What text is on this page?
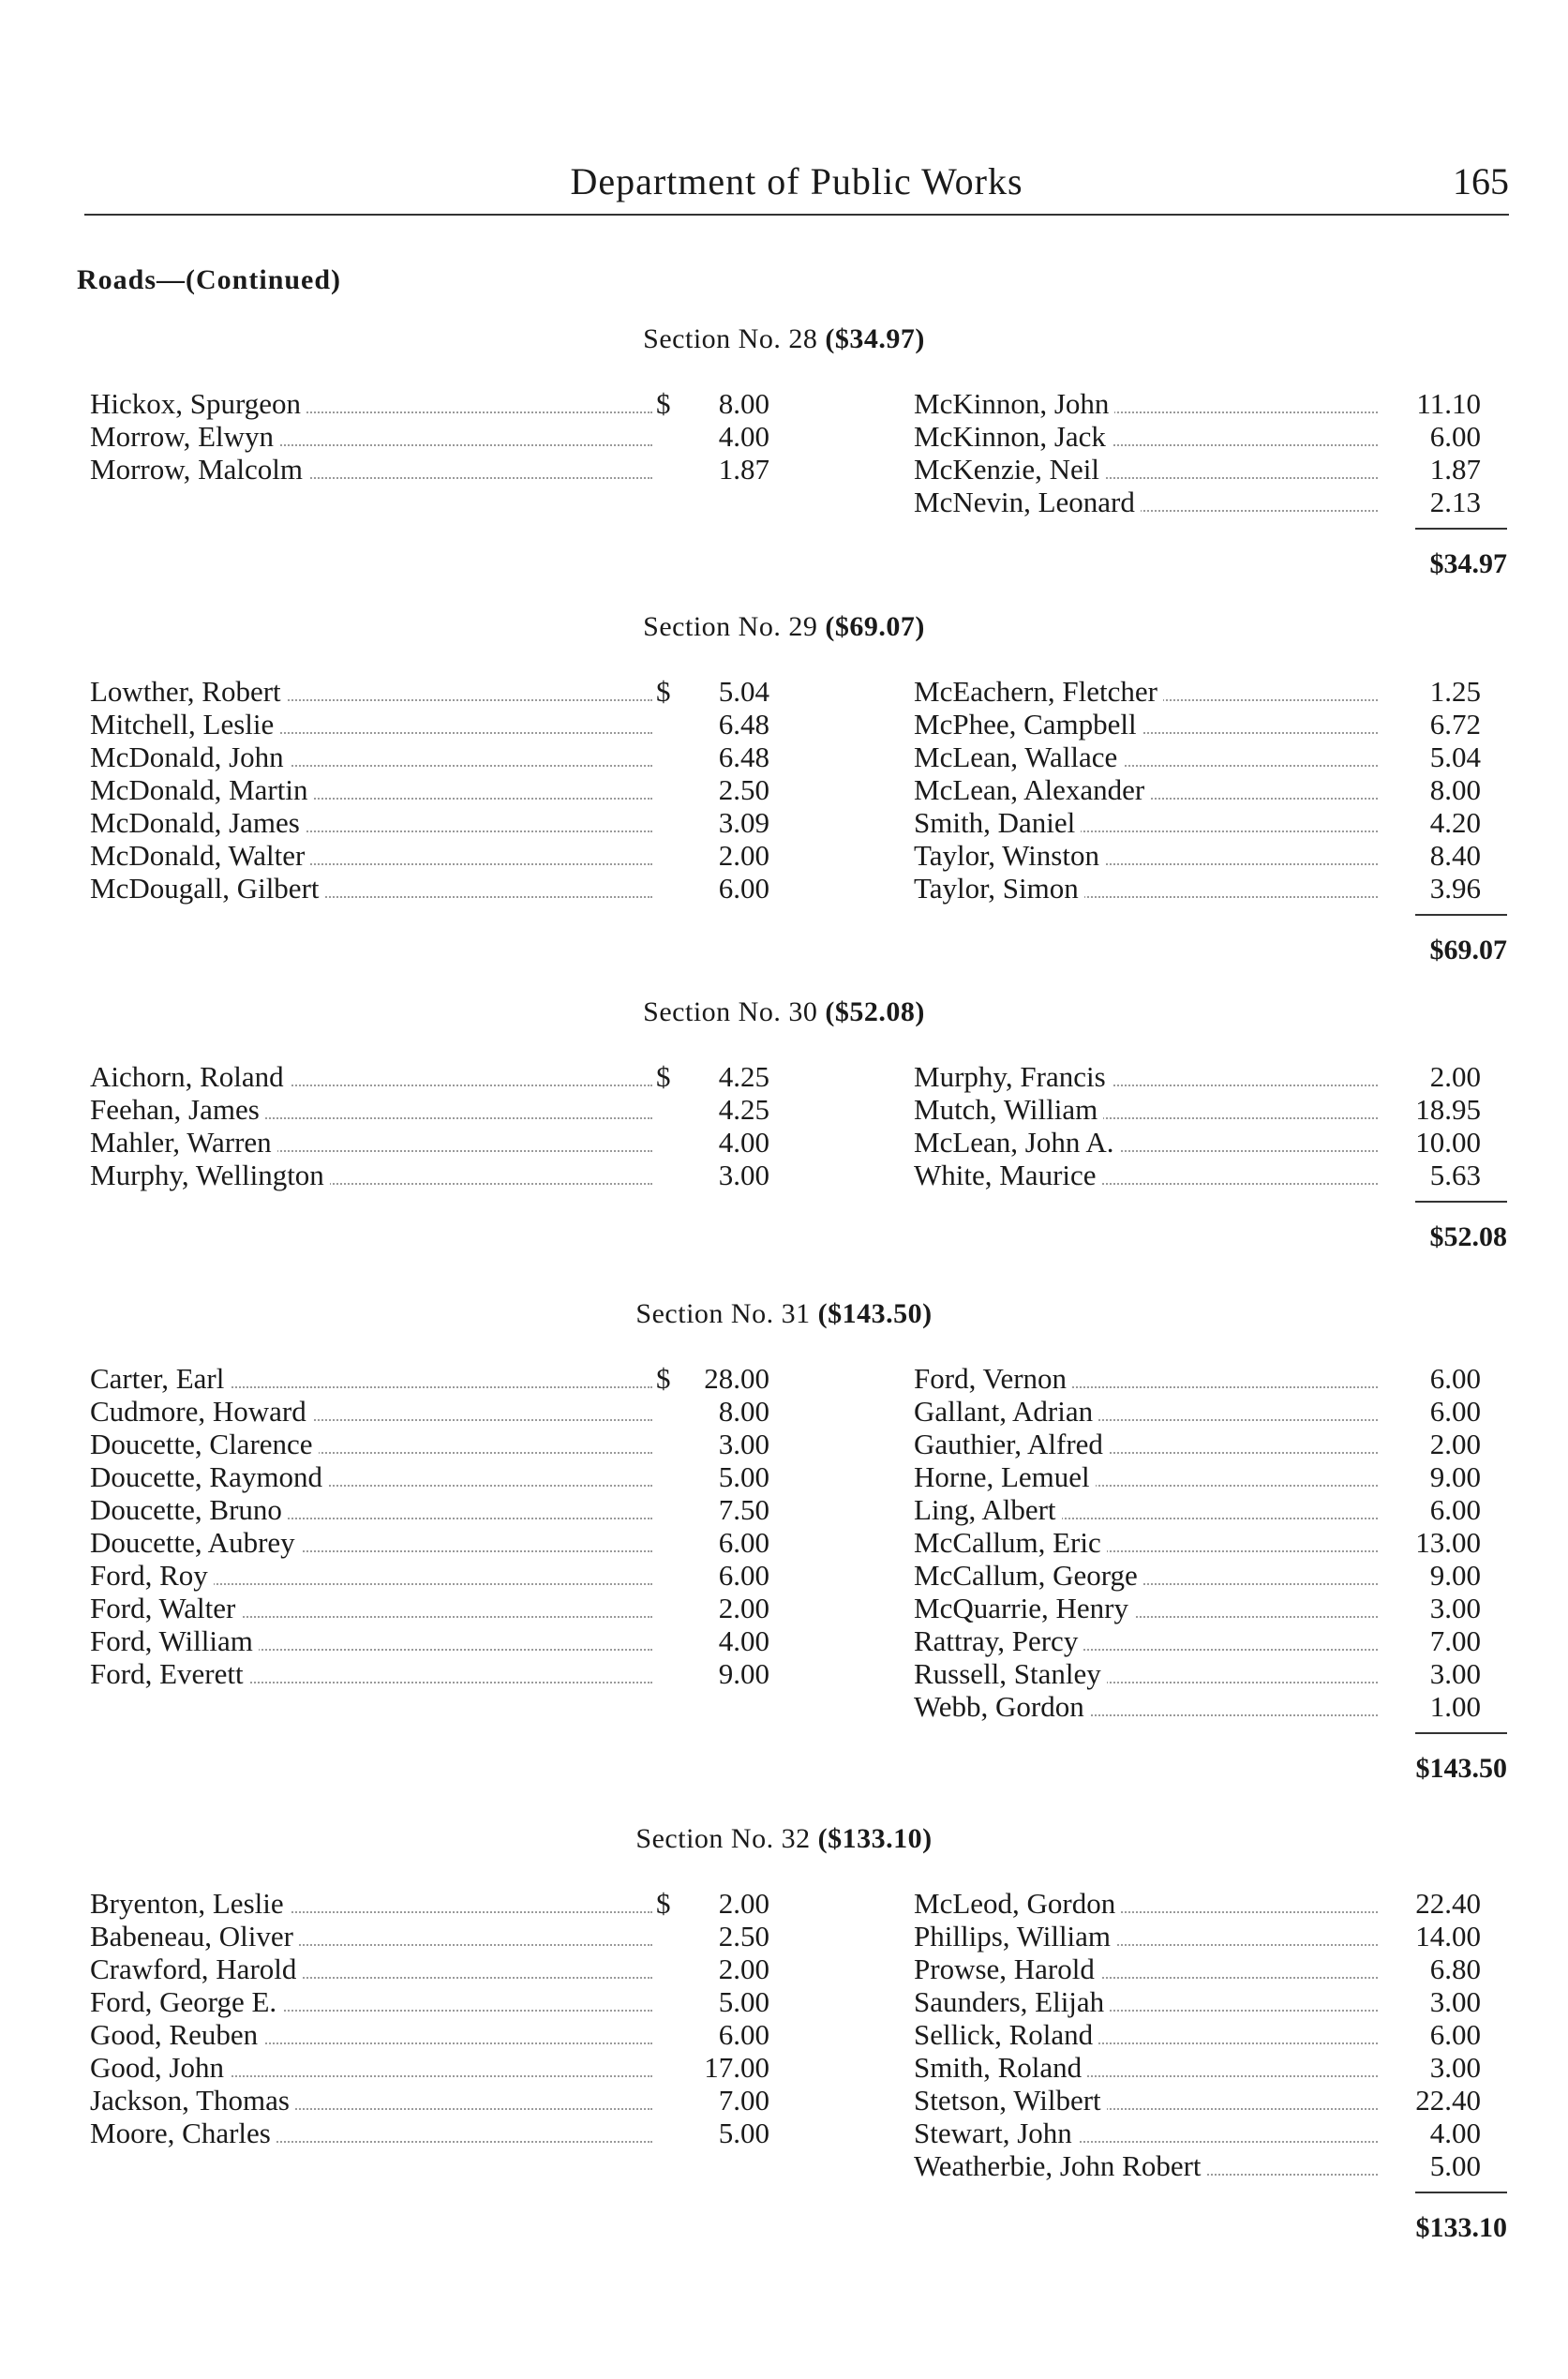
Department of Public Works	165
Roads—(Continued)
Section No. 28 ($34.97)
Hickox, Spurgeon	$	8.00
Morrow, Elwyn	4.00
Morrow, Malcolm	1.87
McKinnon, John	11.10
McKinnon, Jack	6.00
McKenzie, Neil	1.87
McNevin, Leonard	2.13
$34.97
Section No. 29 ($69.07)
Lowther, Robert	$	5.04
Mitchell, Leslie	6.48
McDonald, John	6.48
McDonald, Martin	2.50
McDonald, James	3.09
McDonald, Walter	2.00
McDougall, Gilbert	6.00
McEachern, Fletcher	1.25
McPhee, Campbell	6.72
McLean, Wallace	5.04
McLean, Alexander	8.00
Smith, Daniel	4.20
Taylor, Winston	8.40
Taylor, Simon	3.96
$69.07
Section No. 30 ($52.08)
Aichorn, Roland	$	4.25
Feehan, James	4.25
Mahler, Warren	4.00
Murphy, Wellington	3.00
Murphy, Francis	2.00
Mutch, William	18.95
McLean, John A.	10.00
White, Maurice	5.63
$52.08
Section No. 31 ($143.50)
Carter, Earl	$	28.00
Cudmore, Howard	8.00
Doucette, Clarence	3.00
Doucette, Raymond	5.00
Doucette, Bruno	7.50
Doucette, Aubrey	6.00
Ford, Roy	6.00
Ford, Walter	2.00
Ford, William	4.00
Ford, Everett	9.00
Ford, Vernon	6.00
Gallant, Adrian	6.00
Gauthier, Alfred	2.00
Horne, Lemuel	9.00
Ling, Albert	6.00
McCallum, Eric	13.00
McCallum, George	9.00
McQuarrie, Henry	3.00
Rattray, Percy	7.00
Russell, Stanley	3.00
Webb, Gordon	1.00
$143.50
Section No. 32 ($133.10)
Bryenton, Leslie	$	2.00
Babeneau, Oliver	2.50
Crawford, Harold	2.00
Ford, George E.	5.00
Good, Reuben	6.00
Good, John	17.00
Jackson, Thomas	7.00
Moore, Charles	5.00
McLeod, Gordon	22.40
Phillips, William	14.00
Prowse, Harold	6.80
Saunders, Elijah	3.00
Sellick, Roland	6.00
Smith, Roland	3.00
Stetson, Wilbert	22.40
Stewart, John	4.00
Weatherbie, John Robert	5.00
$133.10
